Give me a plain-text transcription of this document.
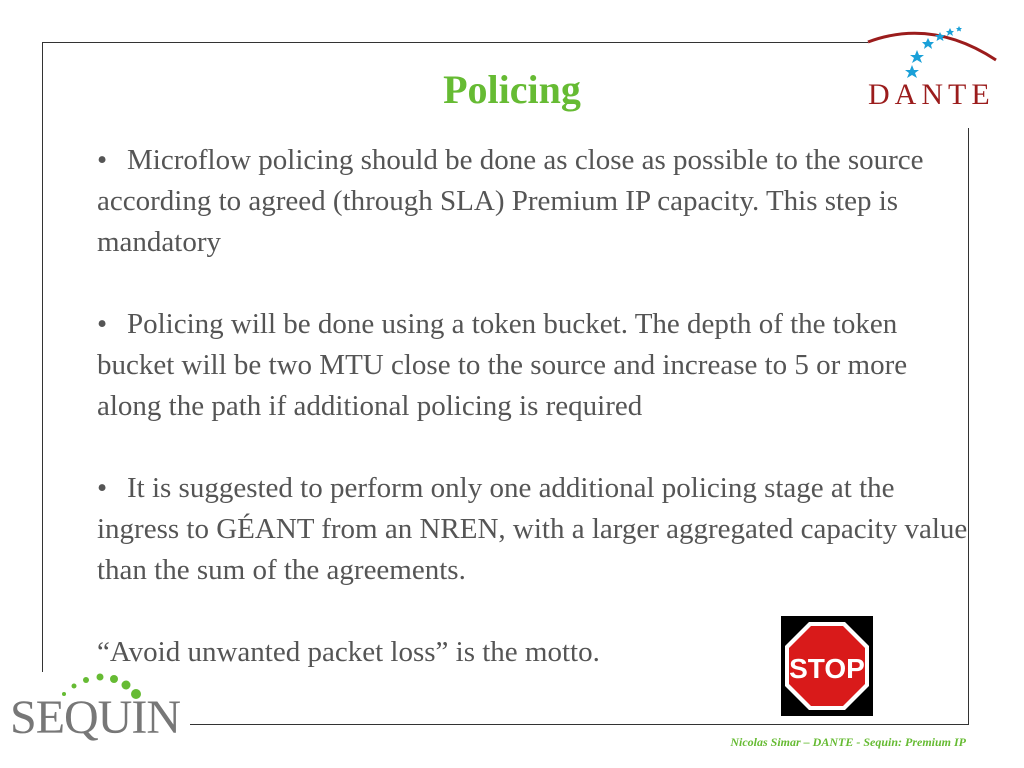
DANTE
Policing

• Microflow policing should be done as close as possible to the source according to agreed (through SLA) Premium IP capacity. This step is mandatory

• Policing will be done using a token bucket. The depth of the token bucket will be two MTU close to the source and increase to 5 or more along the path if additional policing is required

• It is suggested to perform only one additional policing stage at the ingress to GÉANT from an NREN, with a larger aggregated capacity value than the sum of the agreements.

“Avoid unwanted packet loss” is the motto.

STOP
SEQUIN	Nicolas Simar – DANTE - Sequin: Premium IP
